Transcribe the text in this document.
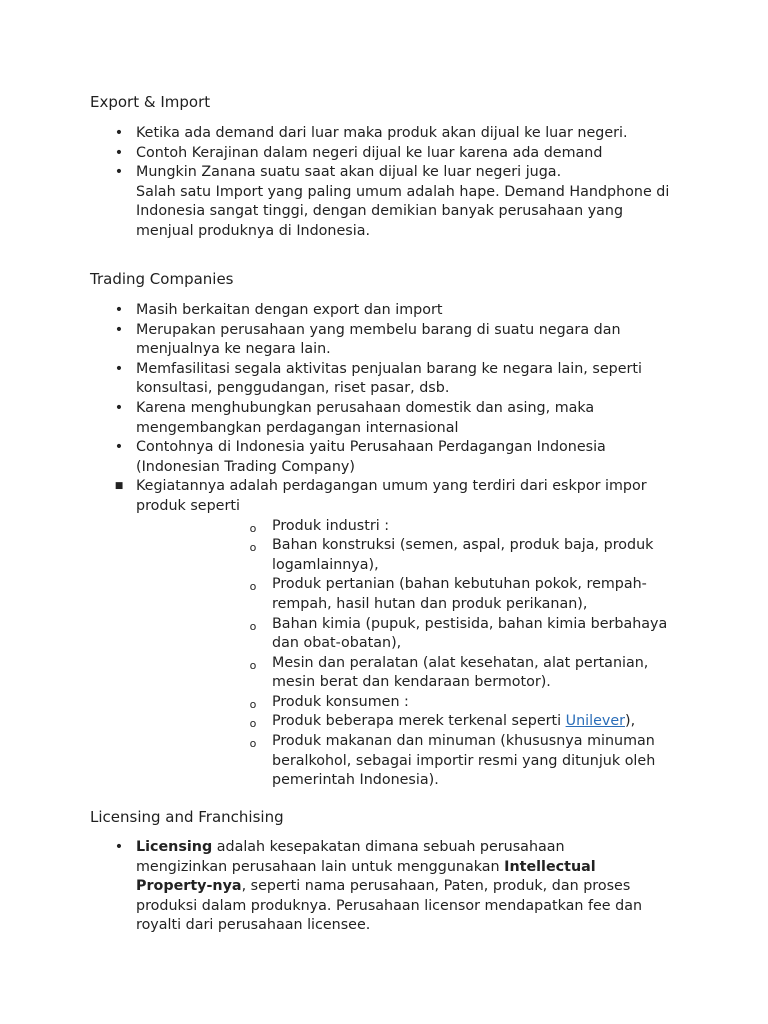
Export & Import
• Ketika ada demand dari luar maka produk akan dijual ke luar negeri.
• Contoh Kerajinan dalam negeri dijual ke luar karena ada demand
• Mungkin Zanana suatu saat akan dijual ke luar negeri juga.
Salah satu Import yang paling umum adalah hape. Demand Handphone di Indonesia sangat tinggi, dengan demikian banyak perusahaan yang menjual produknya di Indonesia.
Trading Companies
• Masih berkaitan dengan export dan import
• Merupakan perusahaan yang membelu barang di suatu negara dan menjualnya ke negara lain.
• Memfasilitasi segala aktivitas penjualan barang ke negara lain, seperti konsultasi, penggudangan, riset pasar, dsb.
• Karena menghubungkan perusahaan domestik dan asing, maka mengembangkan perdagangan internasional
• Contohnya di Indonesia yaitu Perusahaan Perdagangan Indonesia (Indonesian Trading Company)
■ Kegiatannya adalah perdagangan umum yang terdiri dari eskpor impor produk seperti
o Produk industri :
o Bahan konstruksi (semen, aspal, produk baja, produk logamlainnya),
o Produk pertanian (bahan kebutuhan pokok, rempah-rempah, hasil hutan dan produk perikanan),
o Bahan kimia (pupuk, pestisida, bahan kimia berbahaya dan obat-obatan),
o Mesin dan peralatan (alat kesehatan, alat pertanian, mesin berat dan kendaraan bermotor).
o Produk konsumen :
o Produk beberapa merek terkenal seperti Unilever),
o Produk makanan dan minuman (khususnya minuman beralkohol, sebagai importir resmi yang ditunjuk oleh pemerintah Indonesia).
Licensing and Franchising
• Licensing adalah kesepakatan dimana sebuah perusahaan mengizinkan perusahaan lain untuk menggunakan Intellectual Property-nya, seperti nama perusahaan, Paten, produk, dan proses produksi dalam produknya. Perusahaan licensor mendapatkan fee dan royalti dari perusahaan licensee.
